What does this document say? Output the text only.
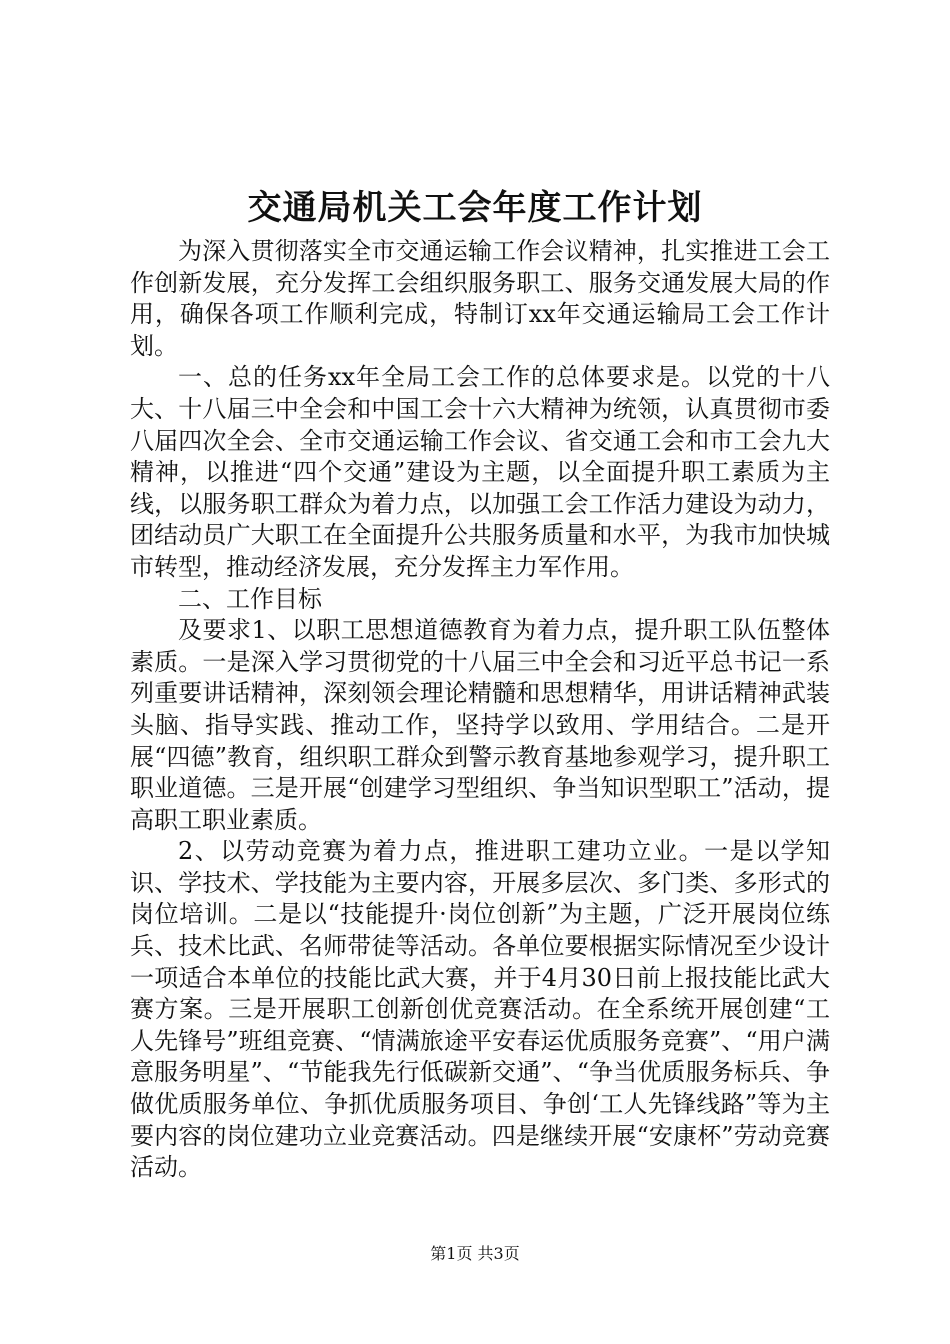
交通局机关工会年度工作计划

为深入贯彻落实全市交通运输工作会议精神，扎实推进工会工作创新发展，充分发挥工会组织服务职工、服务交通发展大局的作用，确保各项工作顺利完成，特制订xx年交通运输局工会工作计划。

一、总的任务xx年全局工会工作的总体要求是。以党的十八大、十八届三中全会和中国工会十六大精神为统领，认真贯彻市委八届四次全会、全市交通运输工作会议、省交通工会和市工会九大精神，以推进“四个交通”建设为主题，以全面提升职工素质为主线，以服务职工群众为着力点，以加强工会工作活力建设为动力，团结动员广大职工在全面提升公共服务质量和水平，为我市加快城市转型，推动经济发展，充分发挥主力军作用。

二、工作目标

及要求1、以职工思想道德教育为着力点，提升职工队伍整体素质。一是深入学习贯彻党的十八届三中全会和习近平总书记一系列重要讲话精神，深刻领会理论精髓和思想精华，用讲话精神武装头脑、指导实践、推动工作，坚持学以致用、学用结合。二是开展“四德”教育，组织职工群众到警示教育基地参观学习，提升职工职业道德。三是开展“创建学习型组织、争当知识型职工”活动，提高职工职业素质。

2、以劳动竞赛为着力点，推进职工建功立业。一是以学知识、学技术、学技能为主要内容，开展多层次、多门类、多形式的岗位培训。二是以“技能提升·岗位创新”为主题，广泛开展岗位练兵、技术比武、名师带徒等活动。各单位要根据实际情况至少设计一项适合本单位的技能比武大赛，并于4月30日前上报技能比武大赛方案。三是开展职工创新创优竞赛活动。在全系统开展创建“工人先锋号”班组竞赛、“情满旅途平安春运优质服务竞赛”、“用户满意服务明星”、“节能我先行低碳新交通”、“争当优质服务标兵、争做优质服务单位、争抓优质服务项目、争创‘工人先锋线路”等为主要内容的岗位建功立业竞赛活动。四是继续开展“安康杯”劳动竞赛活动。

第1页 共3页
